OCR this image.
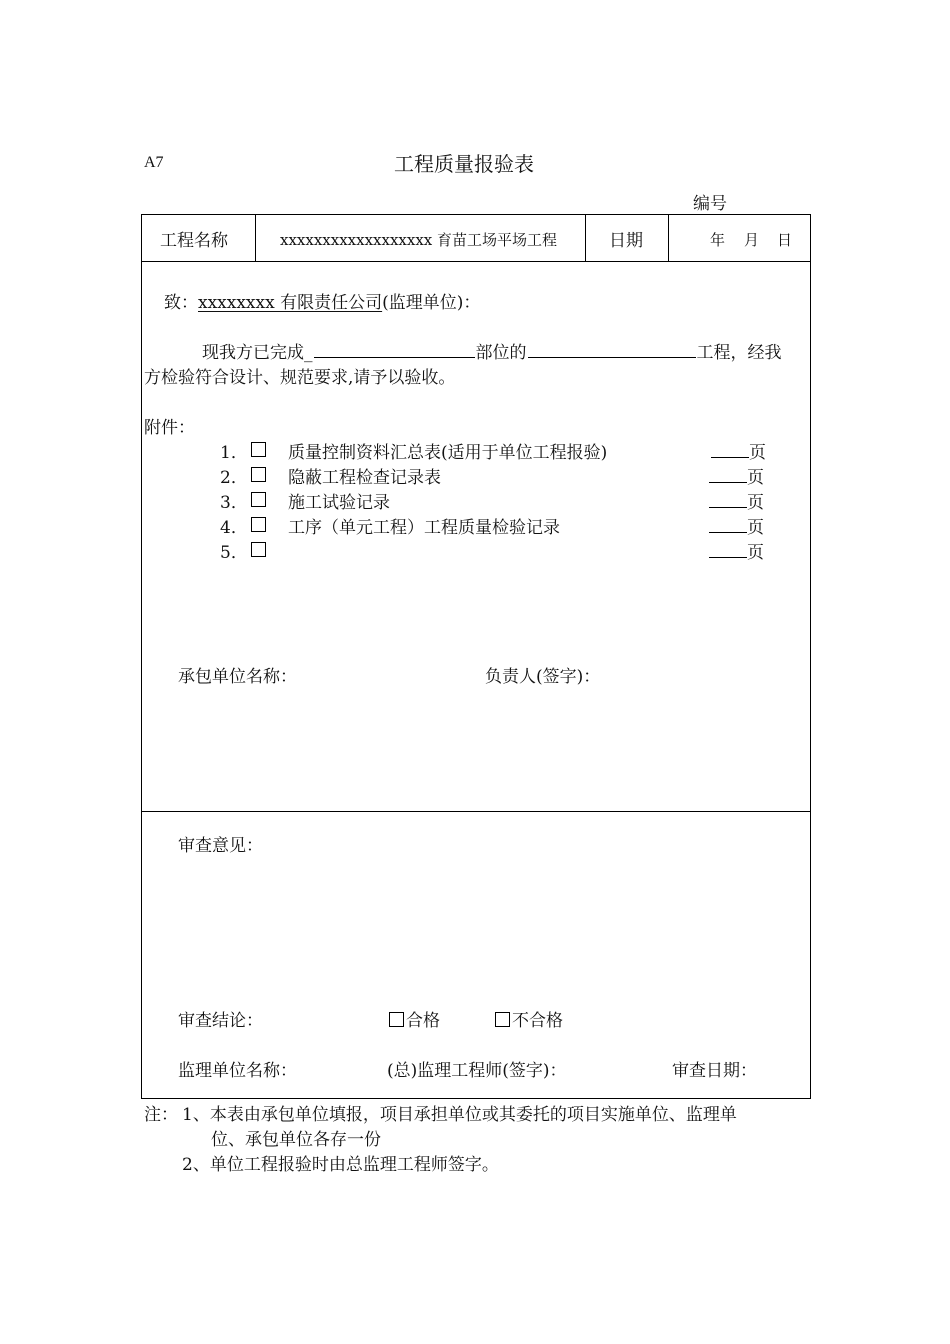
A7	工程质量报验表
编号
工程名称	xxxxxxxxxxxxxxxxxx 育苗工场平场工程	日期	年 月 日
致：xxxxxxxx 有限责任公司(监理单位)：
现我方已完成_	部位的	工程，经我
方检验符合设计、规范要求,请予以验收。
附件：
1． 质量控制资料汇总表(适用于单位工程报验)	页
2． 隐蔽工程检查记录表	页
3． 施工试验记录	页
4． 工序（单元工程）工程质量检验记录	页
5．	页
承包单位名称：	负责人(签字)：
审查意见：
审查结论：	合格	不合格
监理单位名称：	(总)监理工程师(签字)：	审查日期：
注： 1、本表由承包单位填报，项目承担单位或其委托的项目实施单位、监理单
位、承包单位各存一份
2、单位工程报验时由总监理工程师签字。
